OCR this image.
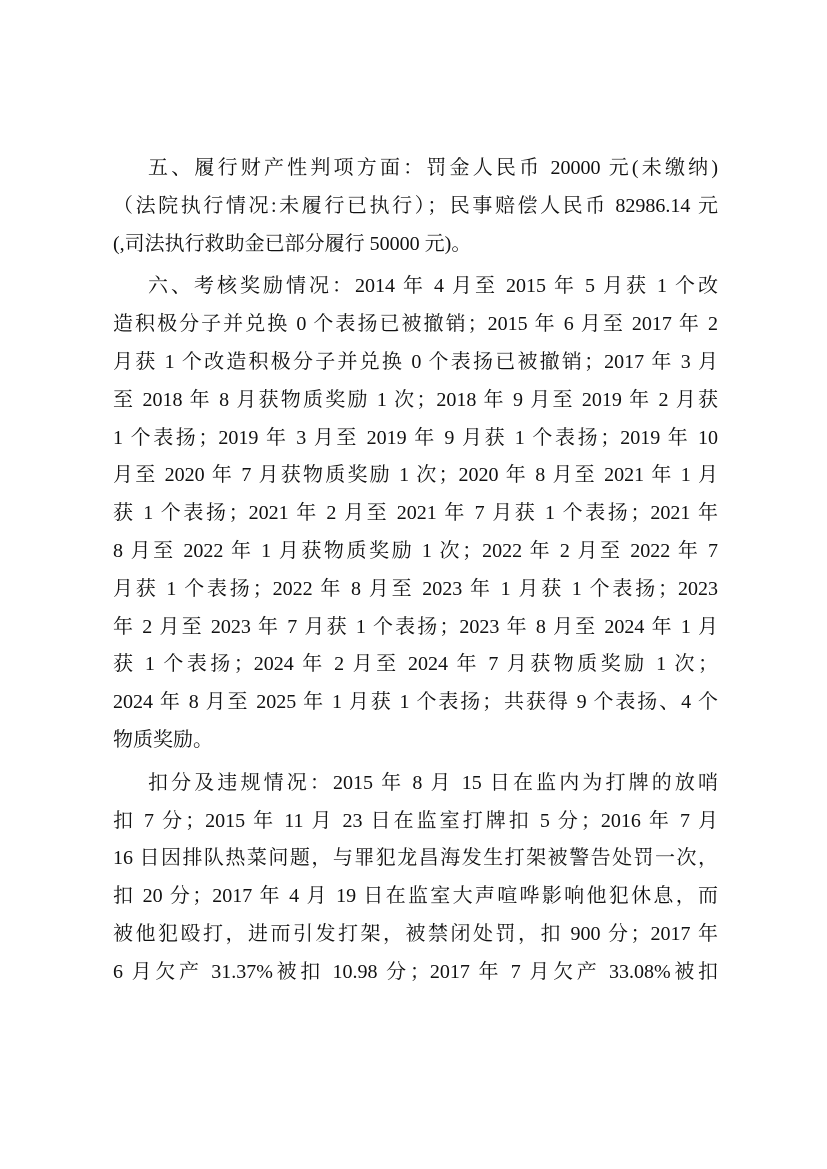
五、履行财产性判项方面：罚金人民币 20000 元(未缴纳)
（法院执行情况:未履行已执行）；民事赔偿人民币 82986.14 元
(,司法执行救助金已部分履行 50000 元)。
六、考核奖励情况：2014 年 4 月至 2015 年 5 月获 1 个改
造积极分子并兑换 0 个表扬已被撤销；2015 年 6 月至 2017 年 2
月获 1 个改造积极分子并兑换 0 个表扬已被撤销；2017 年 3 月
至 2018 年 8 月获物质奖励 1 次；2018 年 9 月至 2019 年 2 月获
1 个表扬；2019 年 3 月至 2019 年 9 月获 1 个表扬；2019 年 10
月至 2020 年 7 月获物质奖励 1 次；2020 年 8 月至 2021 年 1 月
获 1 个表扬；2021 年 2 月至 2021 年 7 月获 1 个表扬；2021 年
8 月至 2022 年 1 月获物质奖励 1 次；2022 年 2 月至 2022 年 7
月获 1 个表扬；2022 年 8 月至 2023 年 1 月获 1 个表扬；2023
年 2 月至 2023 年 7 月获 1 个表扬；2023 年 8 月至 2024 年 1 月
获 1 个表扬；2024 年 2 月至 2024 年 7 月获物质奖励 1 次；
2024 年 8 月至 2025 年 1 月获 1 个表扬；共获得 9 个表扬、4 个
物质奖励。
扣分及违规情况：2015 年 8 月 15 日在监内为打牌的放哨
扣 7 分；2015 年 11 月 23 日在监室打牌扣 5 分；2016 年 7 月
16 日因排队热菜问题，与罪犯龙昌海发生打架被警告处罚一次，
扣 20 分；2017 年 4 月 19 日在监室大声喧哗影响他犯休息，而
被他犯殴打，进而引发打架，被禁闭处罚，扣 900 分；2017 年
6 月欠产 31.37%被扣 10.98 分；2017 年 7 月欠产 33.08%被扣
